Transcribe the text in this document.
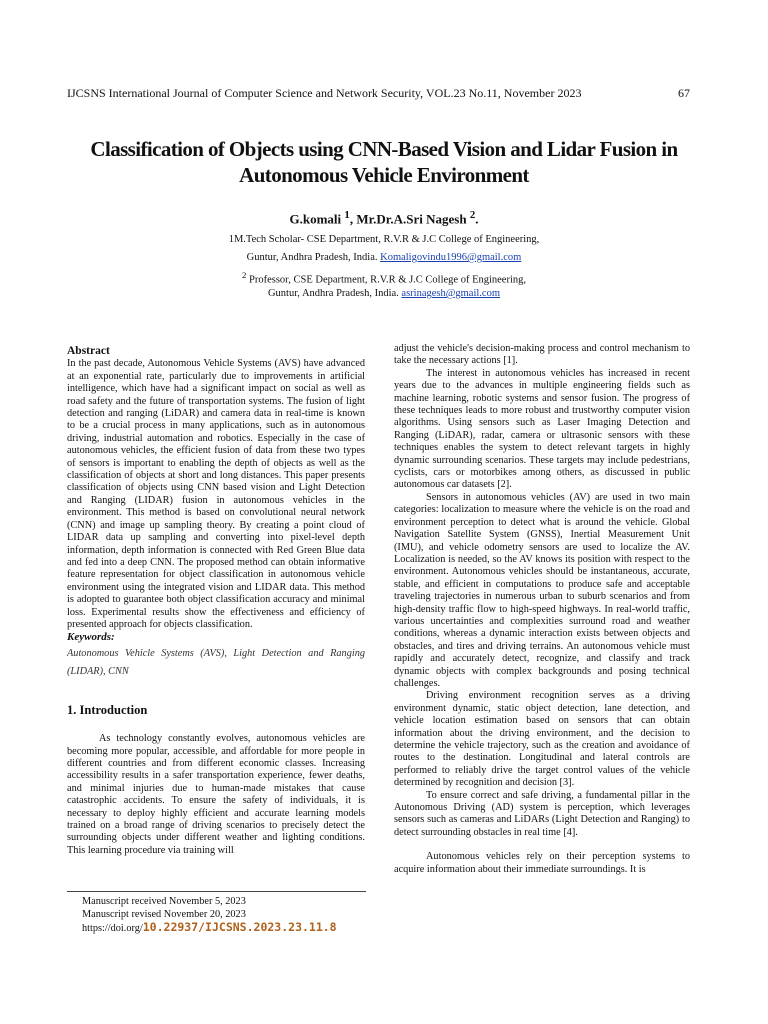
IJCSNS International Journal of Computer Science and Network Security, VOL.23 No.11, November 2023	67
Classification of Objects using CNN-Based Vision and Lidar Fusion in
Autonomous Vehicle Environment
G.komali $^1$, Mr.Dr.A.Sri Nagesh $^2$.
1M.Tech Scholar- CSE Department, R.V.R & J.C College of Engineering,
Guntur, Andhra Pradesh, India. Komaligovindu1996@gmail.com
$^2$ Professor, CSE Department, R.V.R & J.C College of Engineering,
Guntur, Andhra Pradesh, India. asrinagesh@gmail.com
Abstract

In the past decade, Autonomous Vehicle Systems (AVS) have advanced at an exponential rate, particularly due to improvements in artificial intelligence, which have had a significant impact on social as well as road safety and the future of transportation systems. The fusion of light detection and ranging (LiDAR) and camera data in real-time is known to be a crucial process in many applications, such as in autonomous driving, industrial automation and robotics. Especially in the case of autonomous vehicles, the efficient fusion of data from these two types of sensors is important to enabling the depth of objects as well as the classification of objects at short and long distances. This paper presents classification of objects using CNN based vision and Light Detection and Ranging (LIDAR) fusion in autonomous vehicles in the environment. This method is based on convolutional neural network (CNN) and image up sampling theory. By creating a point cloud of LIDAR data up sampling and converting into pixel-level depth information, depth information is connected with Red Green Blue data and fed into a deep CNN. The proposed method can obtain informative feature representation for object classification in autonomous vehicle environment using the integrated vision and LIDAR data. This method is adopted to guarantee both object classification accuracy and minimal loss. Experimental results show the effectiveness and efficiency of presented approach for objects classification.

Keywords:
Autonomous Vehicle Systems (AVS), Light Detection and Ranging (LIDAR), CNN
1. Introduction

As technology constantly evolves, autonomous vehicles are becoming more popular, accessible, and affordable for more people in different countries and from different economic classes. Increasing accessibility results in a safer transportation experience, fewer deaths, and minimal injuries due to human-made mistakes that cause catastrophic accidents. To ensure the safety of individuals, it is necessary to deploy highly efficient and accurate learning models trained on a broad range of driving scenarios to precisely detect the surrounding objects under different weather and lighting conditions. This learning procedure via training will

adjust the vehicle's decision-making process and control mechanism to take the necessary actions [1].

The interest in autonomous vehicles has increased in recent years due to the advances in multiple engineering fields such as machine learning, robotic systems and sensor fusion. The progress of these techniques leads to more robust and trustworthy computer vision algorithms. Using sensors such as Laser Imaging Detection and Ranging (LiDAR), radar, camera or ultrasonic sensors with these techniques enables the system to detect relevant targets in highly dynamic surrounding scenarios. These targets may include pedestrians, cyclists, cars or motorbikes among others, as discussed in public autonomous car datasets [2].

Sensors in autonomous vehicles (AV) are used in two main categories: localization to measure where the vehicle is on the road and environment perception to detect what is around the vehicle. Global Navigation Satellite System (GNSS), Inertial Measurement Unit (IMU), and vehicle odometry sensors are used to localize the AV. Localization is needed, so the AV knows its position with respect to the environment. Autonomous vehicles should be instantaneous, accurate, stable, and efficient in computations to produce safe and acceptable traveling trajectories in numerous urban to suburb scenarios and from high-density traffic flow to high-speed highways. In real-world traffic, various uncertainties and complexities surround road and weather conditions, whereas a dynamic interaction exists between objects and obstacles, and tires and driving terrains. An autonomous vehicle must rapidly and accurately detect, recognize, and classify and track dynamic objects with complex backgrounds and posing technical challenges.

Driving environment recognition serves as a driving environment dynamic, static object detection, lane detection, and vehicle location estimation based on sensors that can obtain information about the driving environment, and the decision to determine the vehicle trajectory, such as the creation and avoidance of routes to the destination. Longitudinal and lateral controls are performed to reliably drive the target control values of the vehicle determined by recognition and decision [3].

To ensure correct and safe driving, a fundamental pillar in the Autonomous Driving (AD) system is perception, which leverages sensors such as cameras and LiDARs (Light Detection and Ranging) to detect surrounding obstacles in real time [4].

Autonomous vehicles rely on their perception systems to acquire information about their immediate surroundings. It is

Manuscript received November 5, 2023
Manuscript revised November 20, 2023
https://doi.org/10.22937/IJCSNS.2023.23.11.8
